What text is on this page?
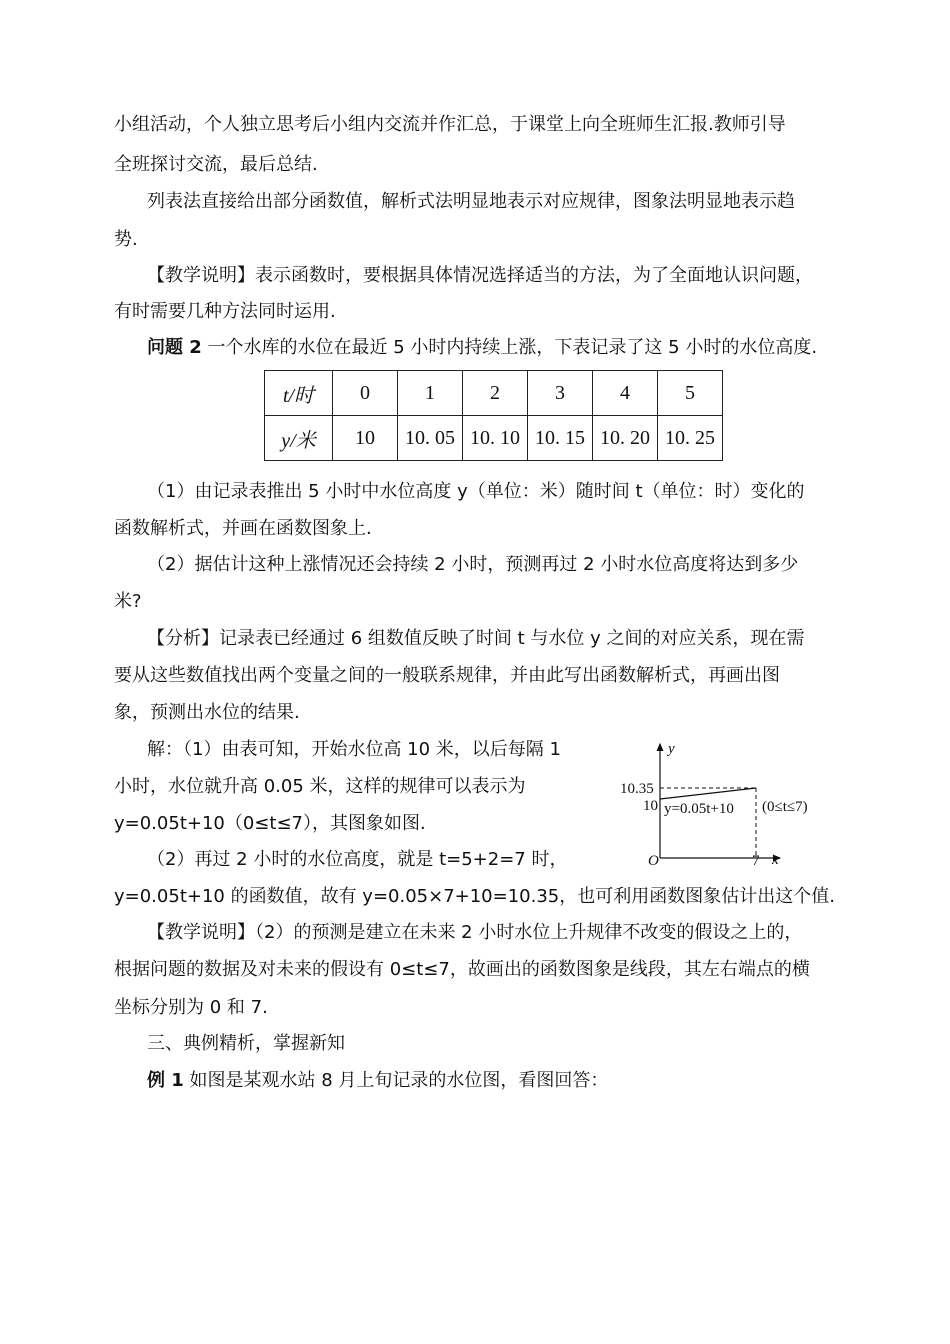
小组活动，个人独立思考后小组内交流并作汇总，于课堂上向全班师生汇报.教师引导
全班探讨交流，最后总结.
列表法直接给出部分函数值，解析式法明显地表示对应规律，图象法明显地表示趋
势.
【教学说明】表示函数时，要根据具体情况选择适当的方法，为了全面地认识问题，
有时需要几种方法同时运用.
问题 2 一个水库的水位在最近 5 小时内持续上涨，下表记录了这 5 小时的水位高度.
t/时	0	1	2	3	4	5
y/米	10	10. 05	10. 10	10. 15	10. 20	10. 25
（1）由记录表推出 5 小时中水位高度 y（单位：米）随时间 t（单位：时）变化的
函数解析式，并画在函数图象上.
（2）据估计这种上涨情况还会持续 2 小时，预测再过 2 小时水位高度将达到多少
米?
【分析】记录表已经通过 6 组数值反映了时间 t 与水位 y 之间的对应关系，现在需
要从这些数值找出两个变量之间的一般联系规律，并由此写出函数解析式，再画出图
象，预测出水位的结果.
解：（1）由表可知，开始水位高 10 米，以后每隔 1
小时，水位就升高 0.05 米，这样的规律可以表示为
y=0.05t+10（0≤t≤7），其图象如图.
（2）再过 2 小时的水位高度，就是 t=5+2=7 时，
y=0.05t+10 的函数值，故有 y=0.05×7+10=10.35，也可利用函数图象估计出这个值.
y
x
O
10.35
10
7
y=0.05t+10 (0≤t≤7)
【教学说明】（2）的预测是建立在未来 2 小时水位上升规律不改变的假设之上的，
根据问题的数据及对未来的假设有 0≤t≤7，故画出的函数图象是线段，其左右端点的横
坐标分别为 0 和 7.
三、典例精析，掌握新知
例 1 如图是某观水站 8 月上旬记录的水位图，看图回答：
